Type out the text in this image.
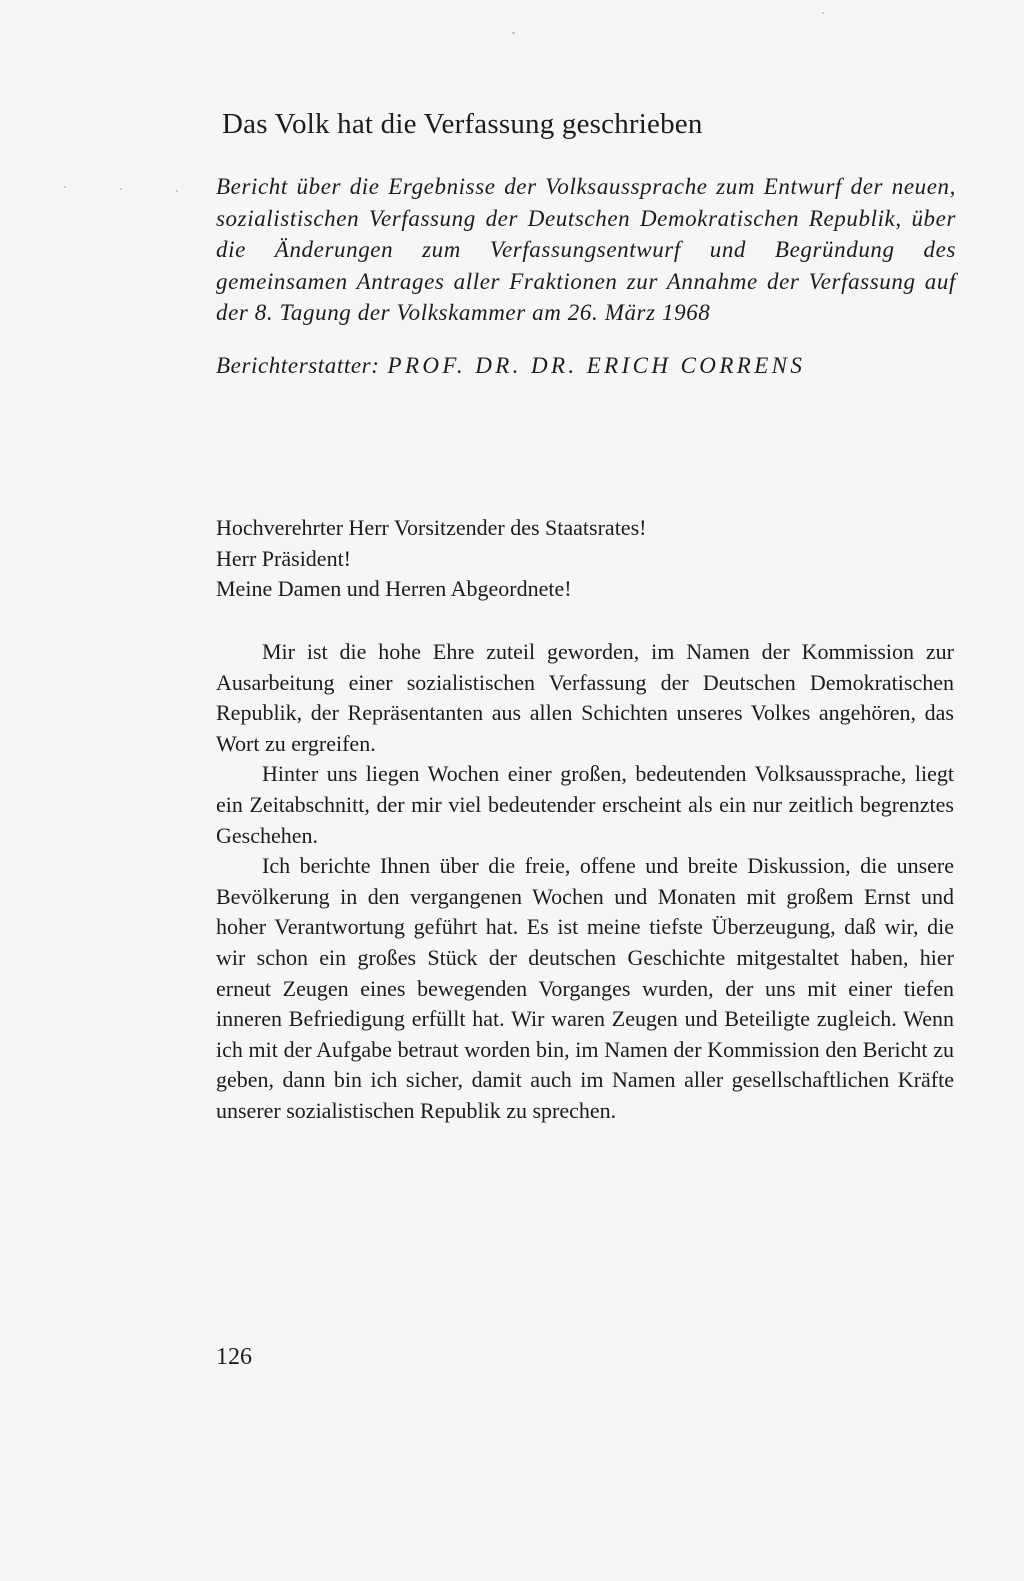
Das Volk hat die Verfassung geschrieben

Bericht über die Ergebnisse der Volksaussprache zum Entwurf der neuen, sozialistischen Verfassung der Deutschen Demokratischen Republik, über die Änderungen zum Verfassungsentwurf und Begründung des gemeinsamen Antrages aller Fraktionen zur Annahme der Verfassung auf der 8. Tagung der Volkskammer am 26. März 1968

Berichterstatter: PROF. DR. DR. ERICH CORRENS

Hochverehrter Herr Vorsitzender des Staatsrates!
Herr Präsident!
Meine Damen und Herren Abgeordnete!

Mir ist die hohe Ehre zuteil geworden, im Namen der Kommission zur Ausarbeitung einer sozialistischen Verfassung der Deutschen Demokratischen Republik, der Repräsentanten aus allen Schichten unseres Volkes angehören, das Wort zu ergreifen.

Hinter uns liegen Wochen einer großen, bedeutenden Volksaussprache, liegt ein Zeitabschnitt, der mir viel bedeutender erscheint als ein nur zeitlich begrenztes Geschehen.

Ich berichte Ihnen über die freie, offene und breite Diskussion, die unsere Bevölkerung in den vergangenen Wochen und Monaten mit großem Ernst und hoher Verantwortung geführt hat. Es ist meine tiefste Überzeugung, daß wir, die wir schon ein großes Stück der deutschen Geschichte mitgestaltet haben, hier erneut Zeugen eines bewegenden Vorganges wurden, der uns mit einer tiefen inneren Befriedigung erfüllt hat. Wir waren Zeugen und Beteiligte zugleich. Wenn ich mit der Aufgabe betraut worden bin, im Namen der Kommission den Bericht zu geben, dann bin ich sicher, damit auch im Namen aller gesellschaftlichen Kräfte unserer sozialistischen Republik zu sprechen.

126
